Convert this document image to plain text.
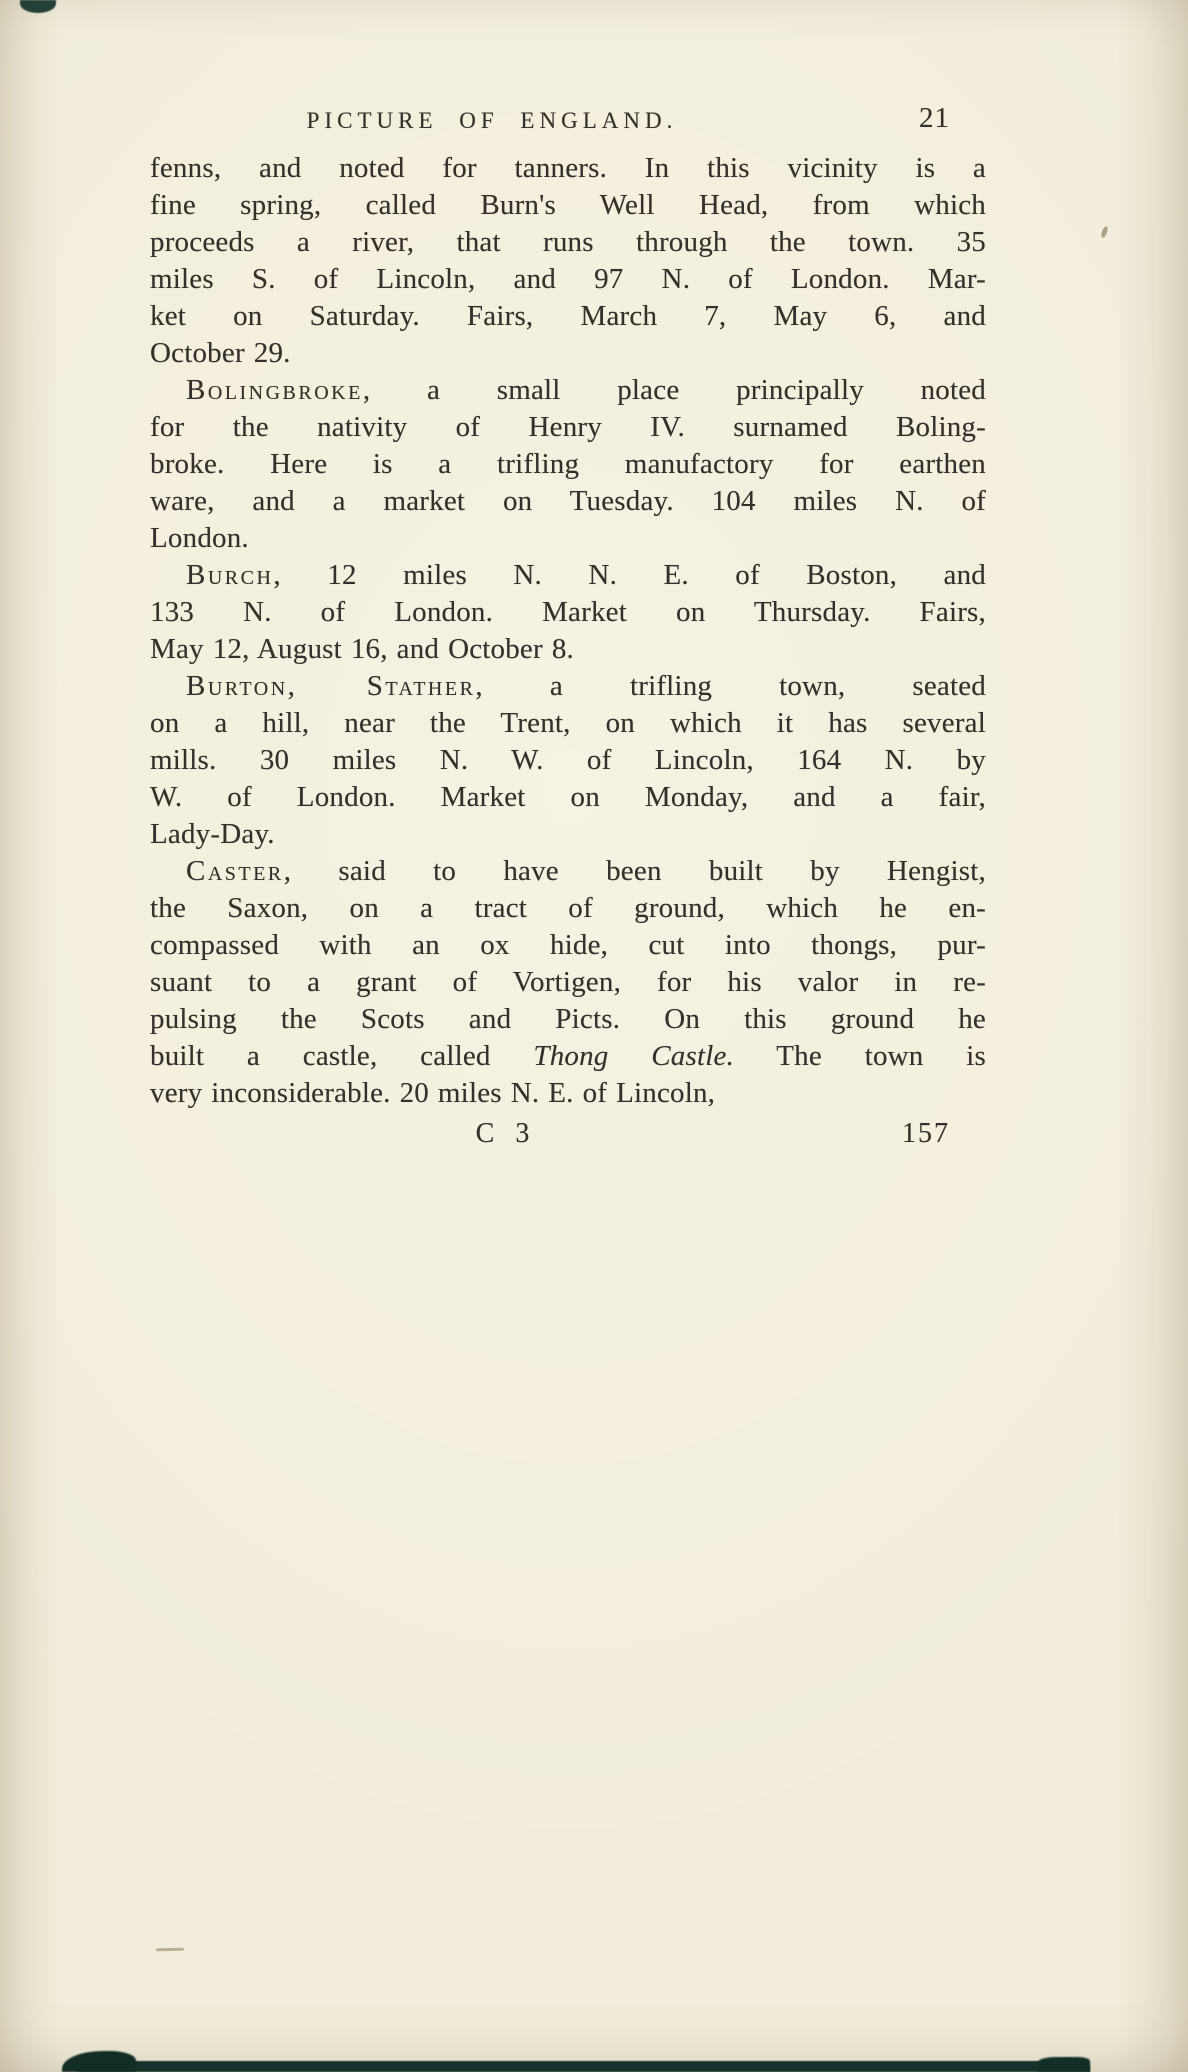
PICTURE OF ENGLAND.	21
fenns, and noted for tanners. In this vicinity is a
fine spring, called Burn's Well Head, from which
proceeds a river, that runs through the town. 35
miles S. of Lincoln, and 97 N. of London. Mar-
ket on Saturday. Fairs, March 7, May 6, and
October 29.
Bolingbroke, a small place principally noted
for the nativity of Henry IV. surnamed Boling-
broke. Here is a trifling manufactory for earthen
ware, and a market on Tuesday. 104 miles N. of
London.
Burch, 12 miles N. N. E. of Boston, and
133 N. of London. Market on Thursday. Fairs,
May 12, August 16, and October 8.
Burton, Stather, a trifling town, seated
on a hill, near the Trent, on which it has several
mills. 30 miles N. W. of Lincoln, 164 N. by
W. of London. Market on Monday, and a fair,
Lady-Day.
Caster, said to have been built by Hengist,
the Saxon, on a tract of ground, which he en-
compassed with an ox hide, cut into thongs, pur-
suant to a grant of Vortigen, for his valor in re-
pulsing the Scots and Picts. On this ground he
built a castle, called Thong Castle. The town is
very inconsiderable. 20 miles N. E. of Lincoln,
C 3	157
